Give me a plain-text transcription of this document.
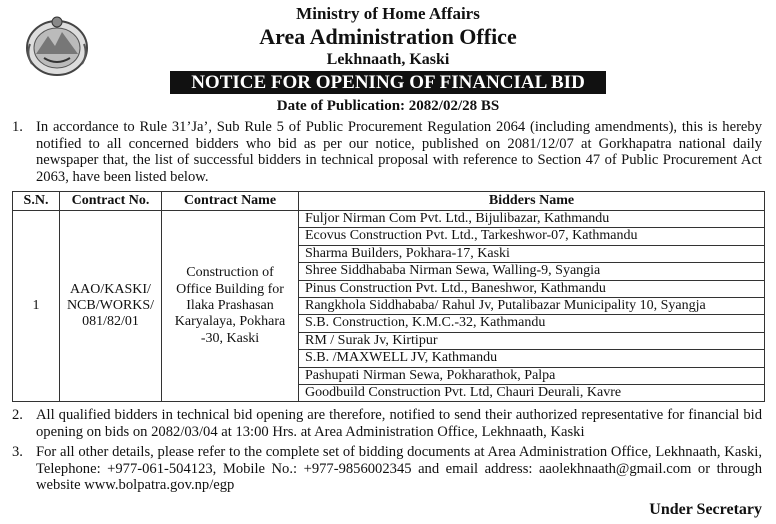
Ministry of Home Affairs
Area Administration Office
Lekhnaath, Kaski
NOTICE FOR OPENING OF FINANCIAL BID
Date of Publication: 2082/02/28 BS
1. In accordance to Rule 31’Ja’, Sub Rule 5 of Public Procurement Regulation 2064 (including amendments), this is hereby notified to all concerned bidders who bid as per our notice, published on 2081/12/07 at Gorkhapatra national daily newspaper that, the list of successful bidders in technical proposal with reference to Section 47 of Public Procurement Act 2063, have been listed below.
S.N.	Contract No.	Contract Name	Bidders Name
1	AAO/KASKI/ NCB/WORKS/ 081/82/01	Construction of Office Building for Ilaka Prashasan Karyalaya, Pokhara -30, Kaski	Fuljor Nirman Com Pvt. Ltd., Bijulibazar, Kathmandu
			Ecovus Construction Pvt. Ltd., Tarkeshwor-07, Kathmandu
			Sharma Builders, Pokhara-17, Kaski
			Shree Siddhababa Nirman Sewa, Walling-9, Syangia
			Pinus Construction Pvt. Ltd., Baneshwor, Kathmandu
			Rangkhola Siddhababa/ Rahul Jv, Putalibazar Municipality 10, Syangja
			S.B. Construction, K.M.C.-32, Kathmandu
			RM / Surak Jv, Kirtipur
			S.B. /MAXWELL JV, Kathmandu
			Pashupati Nirman Sewa, Pokharathok, Palpa
			Goodbuild Construction Pvt. Ltd, Chauri Deurali, Kavre
2. All qualified bidders in technical bid opening are therefore, notified to send their authorized representative for financial bid opening on bids on 2082/03/04 at 13:00 Hrs. at Area Administration Office, Lekhnaath, Kaski
3. For all other details, please refer to the complete set of bidding documents at Area Administration Office, Lekhnaath, Kaski, Telephone: +977-061-504123, Mobile No.: +977-9856002345 and email address: aaolekhnaath@gmail.com or through website www.bolpatra.gov.np/egp
Under Secretary
